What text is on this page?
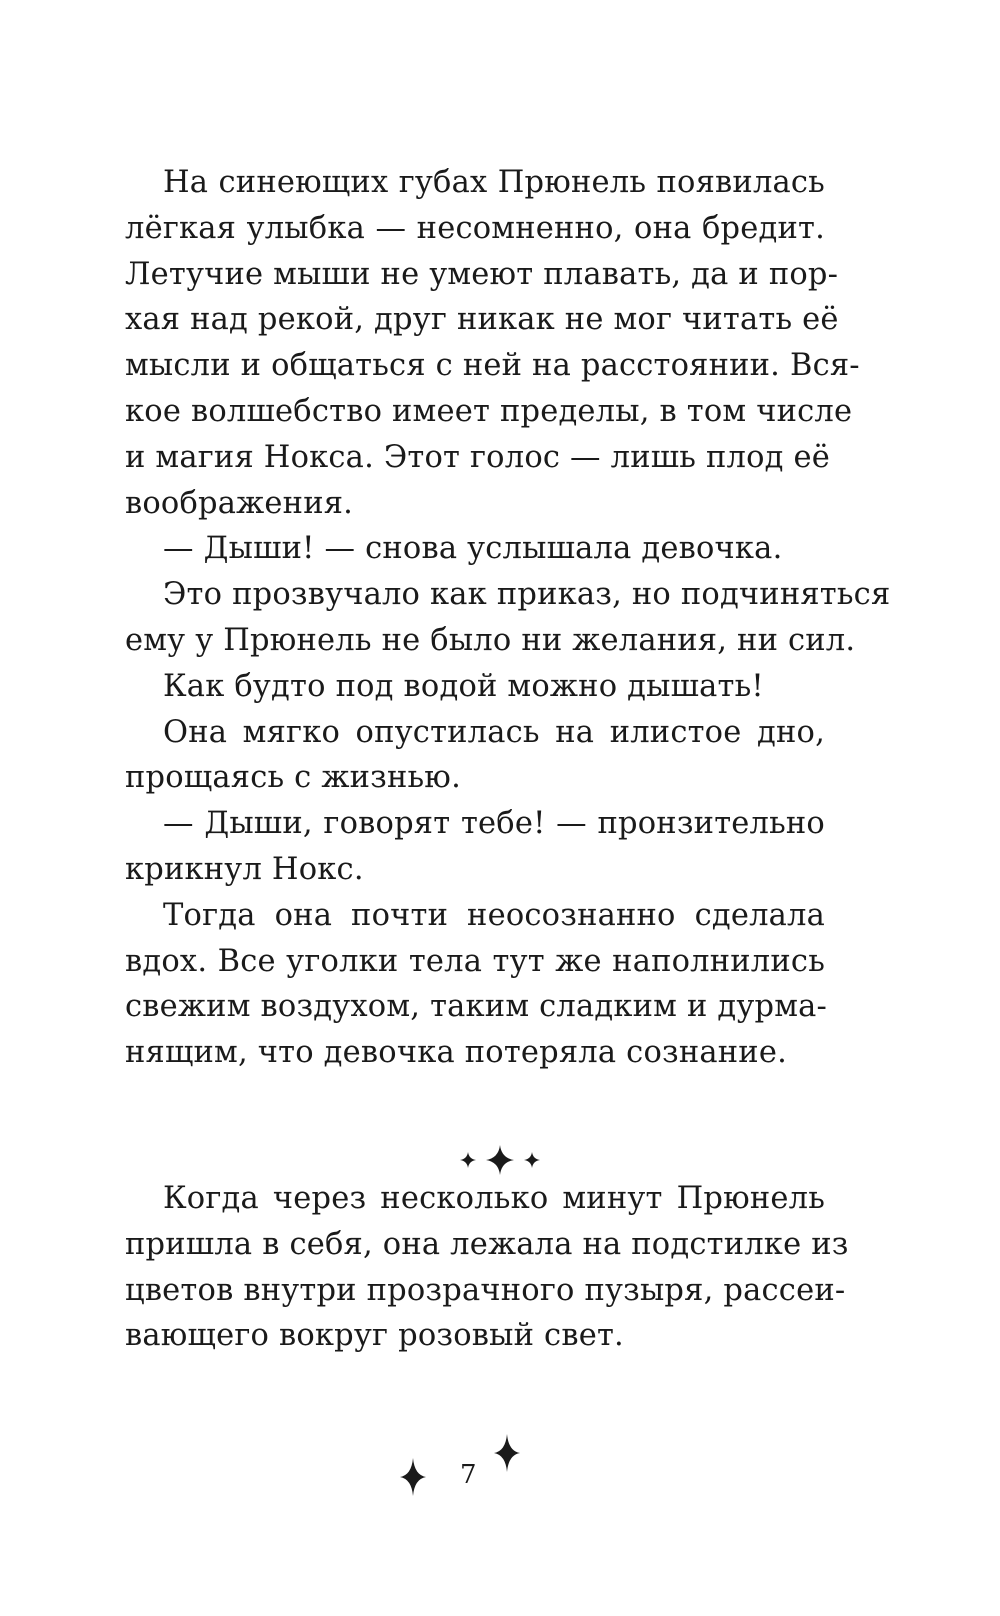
На синеющих губах Прюнель появилась
лёгкая улыбка — несомненно, она бредит.
Летучие мыши не умеют плавать, да и пор-
хая над рекой, друг никак не мог читать её
мысли и общаться с ней на расстоянии. Вся-
кое волшебство имеет пределы, в том числе
и магия Нокса. Этот голос — лишь плод её
воображения.
— Дыши! — снова услышала девочка.
Это прозвучало как приказ, но подчиняться
ему у Прюнель не было ни желания, ни сил.
Как будто под водой можно дышать!
Она мягко опустилась на илистое дно,
прощаясь с жизнью.
— Дыши, говорят тебе! — пронзительно
крикнул Нокс.
Тогда она почти неосознанно сделала
вдох. Все уголки тела тут же наполнились
свежим воздухом, таким сладким и дурма-
нящим, что девочка потеряла сознание.
Когда через несколько минут Прюнель
пришла в себя, она лежала на подстилке из
цветов внутри прозрачного пузыря, рассеи-
вающего вокруг розовый свет.
7
